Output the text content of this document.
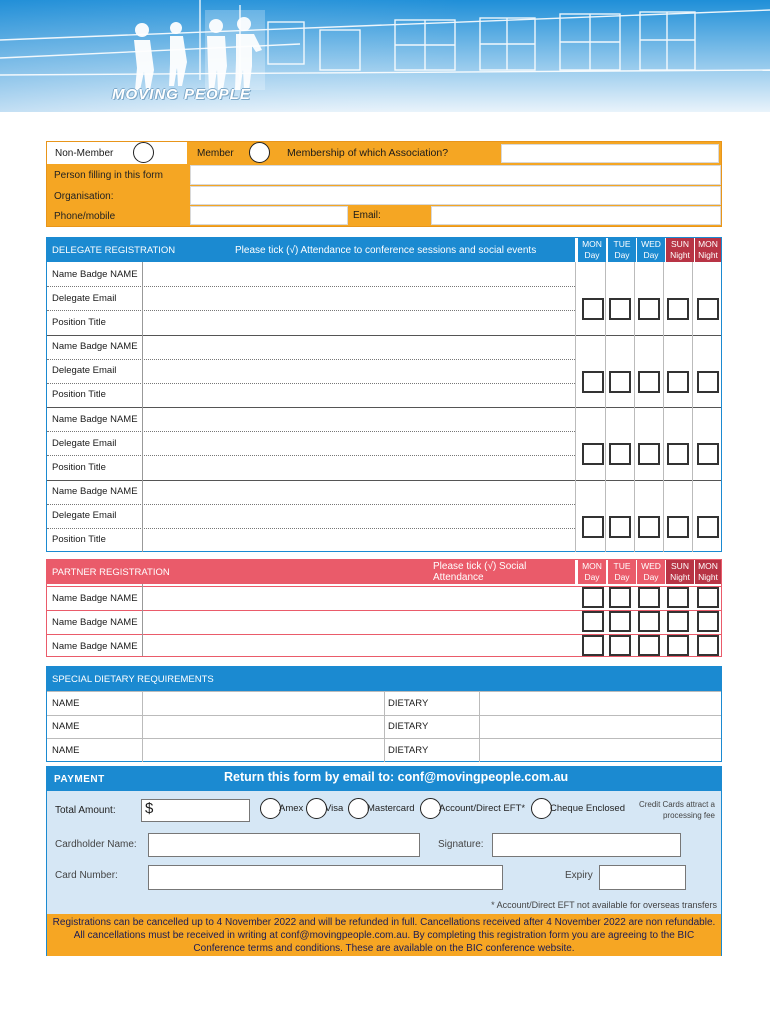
MOVING PEOPLE
Non-Member	Member	Membership of which Association?
Person filling in this form
Organisation:
Phone/mobile	Email:
DELEGATE REGISTRATION	Please tick (√) Attendance to conference sessions and social events
MON
Day
TUE
Day
WED
Day
SUN
Night
MON
Night
Name Badge NAME
Delegate Email
Position Title
Name Badge NAME
Delegate Email
Position Title
Name Badge NAME
Delegate Email
Position Title
Name Badge NAME
Delegate Email
Position Title
PARTNER REGISTRATION	Please tick (√) Social Attendance
MON
Day
TUE
Day
WED
Day
SUN
Night
MON
Night
Name Badge NAME
Name Badge NAME
Name Badge NAME
SPECIAL DIETARY REQUIREMENTS
NAME	DIETARY
NAME	DIETARY
NAME	DIETARY
PAYMENT	Return this form by email to: conf@movingpeople.com.au
Total Amount: $	Amex Visa Mastercard	Account/Direct EFT*	Cheque Enclosed	Credit Cards attract a processing fee
Cardholder Name:	Signature:
Card Number:	Expiry
* Account/Direct EFT not available for overseas transfers
Registrations can be cancelled up to 4 November 2022 and will be refunded in full. Cancellations received after 4 November 2022 are non refundable. All cancellations must be received in writing at conf@movingpeople.com.au. By completing this registration form you are agreeing to the BIC Conference terms and conditions. These are available on the BIC conference website.
